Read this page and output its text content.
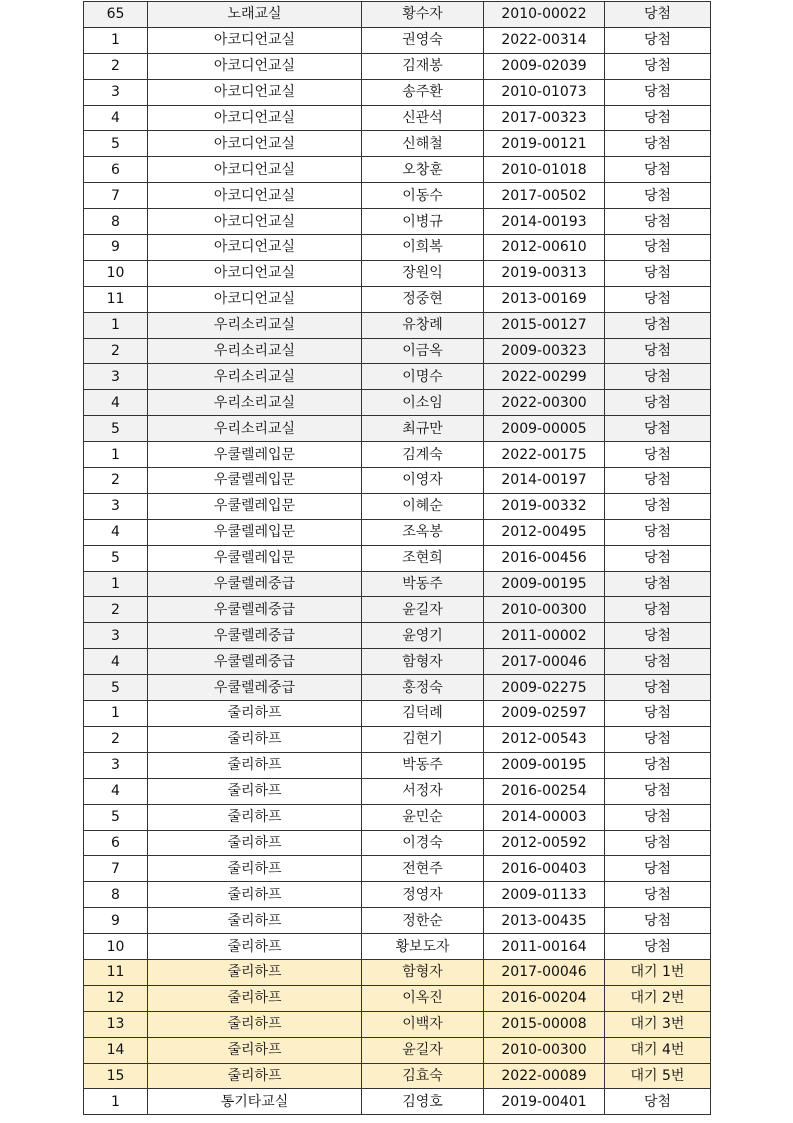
65	노래교실	황수자	2010-00022	당첨
1	아코디언교실	권영숙	2022-00314	당첨
2	아코디언교실	김재봉	2009-02039	당첨
3	아코디언교실	송주환	2010-01073	당첨
4	아코디언교실	신관석	2017-00323	당첨
5	아코디언교실	신해철	2019-00121	당첨
6	아코디언교실	오창훈	2010-01018	당첨
7	아코디언교실	이동수	2017-00502	당첨
8	아코디언교실	이병규	2014-00193	당첨
9	아코디언교실	이희복	2012-00610	당첨
10	아코디언교실	장원익	2019-00313	당첨
11	아코디언교실	정중현	2013-00169	당첨
1	우리소리교실	유창례	2015-00127	당첨
2	우리소리교실	이금옥	2009-00323	당첨
3	우리소리교실	이명수	2022-00299	당첨
4	우리소리교실	이소임	2022-00300	당첨
5	우리소리교실	최규만	2009-00005	당첨
1	우쿨렐레입문	김계숙	2022-00175	당첨
2	우쿨렐레입문	이영자	2014-00197	당첨
3	우쿨렐레입문	이혜순	2019-00332	당첨
4	우쿨렐레입문	조옥봉	2012-00495	당첨
5	우쿨렐레입문	조현희	2016-00456	당첨
1	우쿨렐레중급	박동주	2009-00195	당첨
2	우쿨렐레중급	윤길자	2010-00300	당첨
3	우쿨렐레중급	윤영기	2011-00002	당첨
4	우쿨렐레중급	함형자	2017-00046	당첨
5	우쿨렐레중급	홍정숙	2009-02275	당첨
1	줄리하프	김덕례	2009-02597	당첨
2	줄리하프	김현기	2012-00543	당첨
3	줄리하프	박동주	2009-00195	당첨
4	줄리하프	서정자	2016-00254	당첨
5	줄리하프	윤민순	2014-00003	당첨
6	줄리하프	이경숙	2012-00592	당첨
7	줄리하프	전현주	2016-00403	당첨
8	줄리하프	정영자	2009-01133	당첨
9	줄리하프	정한순	2013-00435	당첨
10	줄리하프	황보도자	2011-00164	당첨
11	줄리하프	함형자	2017-00046	대기 1번
12	줄리하프	이옥진	2016-00204	대기 2번
13	줄리하프	이백자	2015-00008	대기 3번
14	줄리하프	윤길자	2010-00300	대기 4번
15	줄리하프	김효숙	2022-00089	대기 5번
1	통기타교실	김영호	2019-00401	당첨
